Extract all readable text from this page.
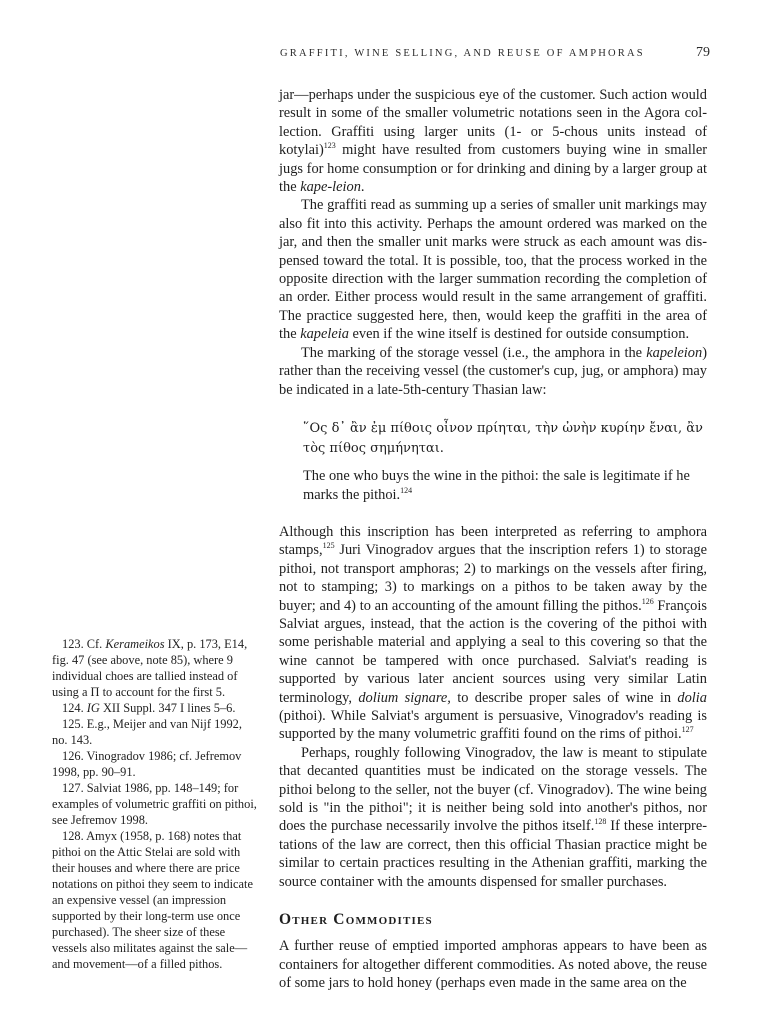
GRAFFITI, WINE SELLING, AND REUSE OF AMPHORAS	79

jar—perhaps under the suspicious eye of the customer. Such action would result in some of the smaller volumetric notations seen in the Agora col-lection. Graffiti using larger units (1- or 5-chous units instead of kotylai)$^{123}$ might have resulted from customers buying wine in smaller jugs for home consumption or for drinking and dining by a larger group at the kape-leion.

The graffiti read as summing up a series of smaller unit markings may also fit into this activity. Perhaps the amount ordered was marked on the jar, and then the smaller unit marks were struck as each amount was dis-pensed toward the total. It is possible, too, that the process worked in the opposite direction with the larger summation recording the completion of an order. Either process would result in the same arrangement of graffiti. The practice suggested here, then, would keep the graffiti in the area of the kapeleia even if the wine itself is destined for outside consumption.

The marking of the storage vessel (i.e., the amphora in the kapeleion) rather than the receiving vessel (the customer's cup, jug, or amphora) may be indicated in a late-5th-century Thasian law:

῞Ος δ᾽ ἂν ἐμ πίθοις οἶνον πρίηται, τὴν ὠνὴν κυρίην ἔναι, ἂν τὸς πίθος σημήνηται.

The one who buys the wine in the pithoi: the sale is legitimate if he marks the pithoi.$^{124}$

Although this inscription has been interpreted as referring to amphora stamps,$^{125}$ Juri Vinogradov argues that the inscription refers 1) to storage pithoi, not transport amphoras; 2) to markings on the vessels after firing, not to stamping; 3) to markings on a pithos to be taken away by the buyer; and 4) to an accounting of the amount filling the pithos.$^{126}$ François Salviat argues, instead, that the action is the covering of the pithoi with some perishable material and applying a seal to this covering so that the wine cannot be tampered with once purchased. Salviat's reading is supported by various later ancient sources using very similar Latin terminology, dolium signare, to describe proper sales of wine in dolia (pithoi). While Salviat's argument is persuasive, Vinogradov's reading is supported by the many volumetric graffiti found on the rims of pithoi.$^{127}$

Perhaps, roughly following Vinogradov, the law is meant to stipulate that decanted quantities must be indicated on the storage vessels. The pithoi belong to the seller, not the buyer (cf. Vinogradov). The wine being sold is "in the pithoi"; it is neither being sold into another's pithos, nor does the purchase necessarily involve the pithos itself.$^{128}$ If these interpre-tations of the law are correct, then this official Thasian practice might be similar to certain practices resulting in the Athenian graffiti, marking the source container with the amounts dispensed for smaller purchases.

Other Commodities

A further reuse of emptied imported amphoras appears to have been as containers for altogether different commodities. As noted above, the reuse of some jars to hold honey (perhaps even made in the same area on the

123. Cf. Kerameikos IX, p. 173, E14, fig. 47 (see above, note 85), where 9 individual choes are tallied instead of using a Π to account for the first 5.

124. IG XII Suppl. 347 I lines 5–6.

125. E.g., Meijer and van Nijf 1992, no. 143.

126. Vinogradov 1986; cf. Jefremov 1998, pp. 90–91.

127. Salviat 1986, pp. 148–149; for examples of volumetric graffiti on pithoi, see Jefremov 1998.

128. Amyx (1958, p. 168) notes that pithoi on the Attic Stelai are sold with their houses and where there are price notations on pithoi they seem to indicate an expensive vessel (an impression supported by their long-term use once purchased). The sheer size of these vessels also militates against the sale—and movement—of a filled pithos.
